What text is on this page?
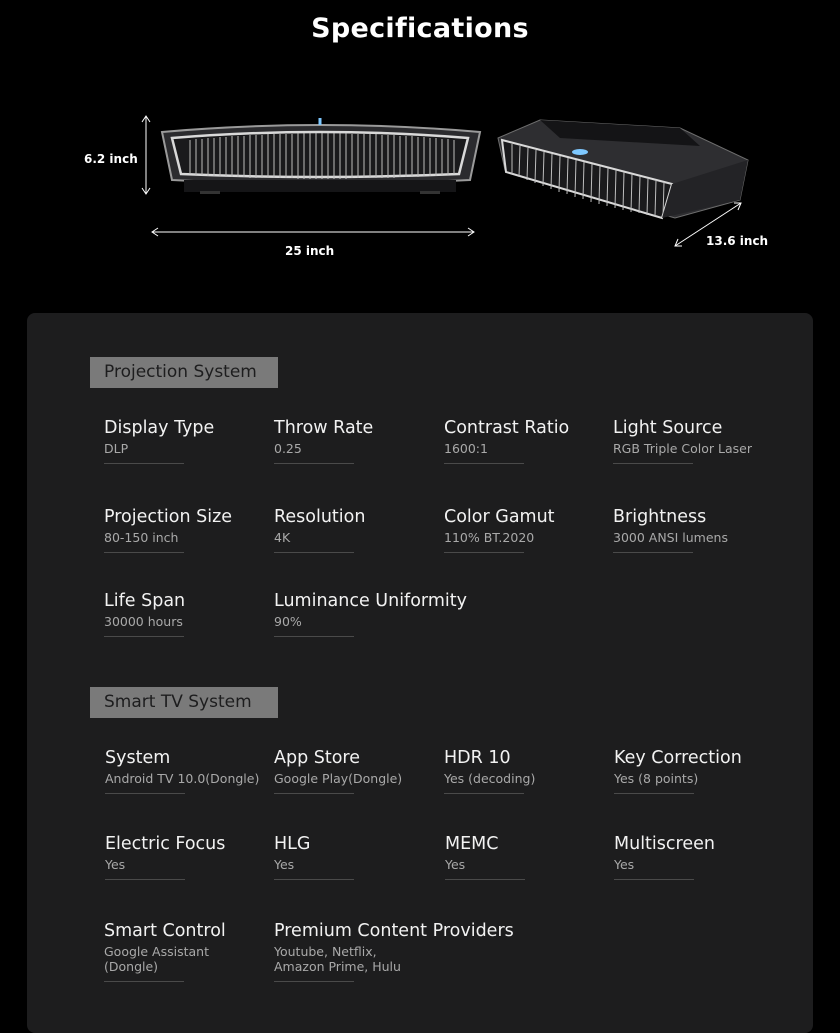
Specifications
6.2 inch
25 inch
13.6 inch
Projection System
Display Type
DLP
Throw Rate
0.25
Contrast Ratio
1600:1
Light Source
RGB Triple Color Laser
Projection Size
80-150 inch
Resolution
4K
Color Gamut
110% BT.2020
Brightness
3000 ANSI lumens
Life Span
30000 hours
Luminance Uniformity
90%
Smart TV System
System
Android TV 10.0(Dongle)
App Store
Google Play(Dongle)
HDR 10
Yes (decoding)
Key Correction
Yes (8 points)
Electric Focus
Yes
HLG
Yes
MEMC
Yes
Multiscreen
Yes
Smart Control
Google Assistant
(Dongle)
Premium Content Providers
Youtube, Netflix,
Amazon Prime, Hulu
